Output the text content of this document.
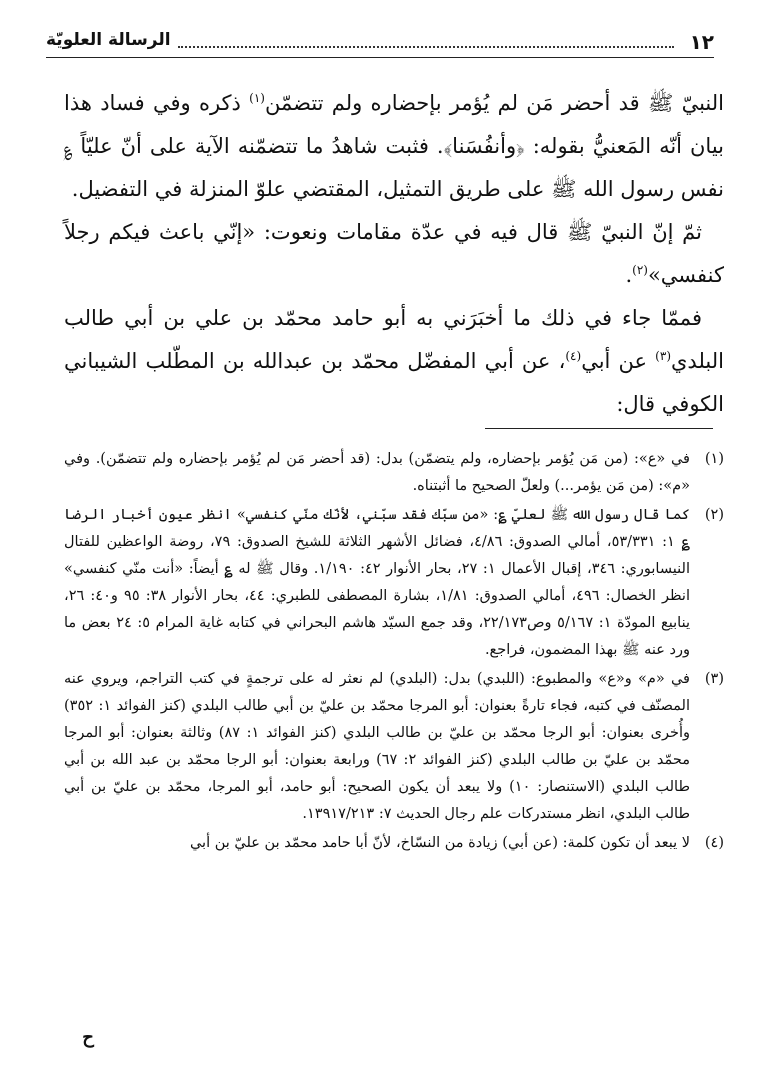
١٢
الرسالة العلويّة

النبيّ ﷺ قد أحضر مَن لم يُؤمر بإحضاره ولم تتضمّن$^{(١)}$ ذكره وفي فساد هذا بيان أنّه المَعنيُّ بقوله: ﴿وأنفُسَنا﴾. فثبت شاهدُ ما تتضمّنه الآية على أنّ عليّاً ؏ نفس رسول الله ﷺ على طريق التمثيل، المقتضي علوّ المنزلة في التفضيل.

ثمّ إنّ النبيّ ﷺ قال فيه في عدّة مقامات ونعوت: «إنّي باعث فيكم رجلاً كنفسي»$^{(٢)}$.

فممّا جاء في ذلك ما أخبَرَني به أبو حامد محمّد بن علي بن أبي طالب البلدي$^{(٣)}$ عن أبي$^{(٤)}$، عن أبي المفضّل محمّد بن عبدالله بن المطّلب الشيباني الكوفي قال:

(١)
في «ع»: (من مَن يُؤمر بإحضاره، ولم يتضمّن) بدل: (قد أحضر مَن لم يُؤمر بإحضاره ولم تتضمّن). وفي «م»: (من مَن يؤمر...) ولعلّ الصحيح ما أثبتناه.
(٢)
كما قال رسول الله ﷺ لعليّ ؏: «من سبّك فقد سبّني، لأنّك منّي كنفسي» انظر عيون أخبار الرضا ؏ ١: ٥٣/٣٣١، أمالي الصدوق: ٤/٨٦، فضائل الأشهر الثلاثة للشيخ الصدوق: ٧٩، روضة الواعظين للفتال النيسابوري: ٣٤٦، إقبال الأعمال ١: ٢٧، بحار الأنوار ٤٢: ١/١٩٠. وقال ﷺ له ؏ أيضاً: «أنت منّي كنفسي» انظر الخصال: ٤٩٦، أمالي الصدوق: ١/٨١، بشارة المصطفى للطبري: ٤٤، بحار الأنوار ٣٨: ٩٥ و٤٠: ٢٦، ينابيع المودّة ١: ٥/١٦٧ وص٢٢/١٧٣، وقد جمع السيّد هاشم البحراني في كتابه غاية المرام ٥: ٢٤ بعض ما ورد عنه ﷺ بهذا المضمون، فراجع.
(٣)
في «م» و«ع» والمطبوع: (اللبدي) بدل: (البلدي) لم نعثر له على ترجمةٍ في كتب التراجم، ويروي عنه المصنّف في كتبه، فجاء تارةً بعنوان: أبو المرجا محمّد بن عليّ بن أبي طالب البلدي (كنز الفوائد ١: ٣٥٢) وأُخرى بعنوان: أبو الرجا محمّد بن عليّ بن طالب البلدي (كنز الفوائد ١: ٨٧) وثالثة بعنوان: أبو المرجا محمّد بن عليّ بن طالب البلدي (كنز الفوائد ٢: ٦٧) ورابعة بعنوان: أبو الرجا محمّد بن عبد الله بن أبي طالب البلدي (الاستنصار: ١٠) ولا يبعد أن يكون الصحيح: أبو حامد، أبو المرجا، محمّد بن عليّ بن أبي طالب البلدي، انظر مستدركات علم رجال الحديث ٧: ١٣٩١٧/٢١٣.
(٤)
لا يبعد أن تكون كلمة: (عن أبي) زيادة من النسّاخ، لأنّ أبا حامد محمّد بن عليّ بن أبي
ح
